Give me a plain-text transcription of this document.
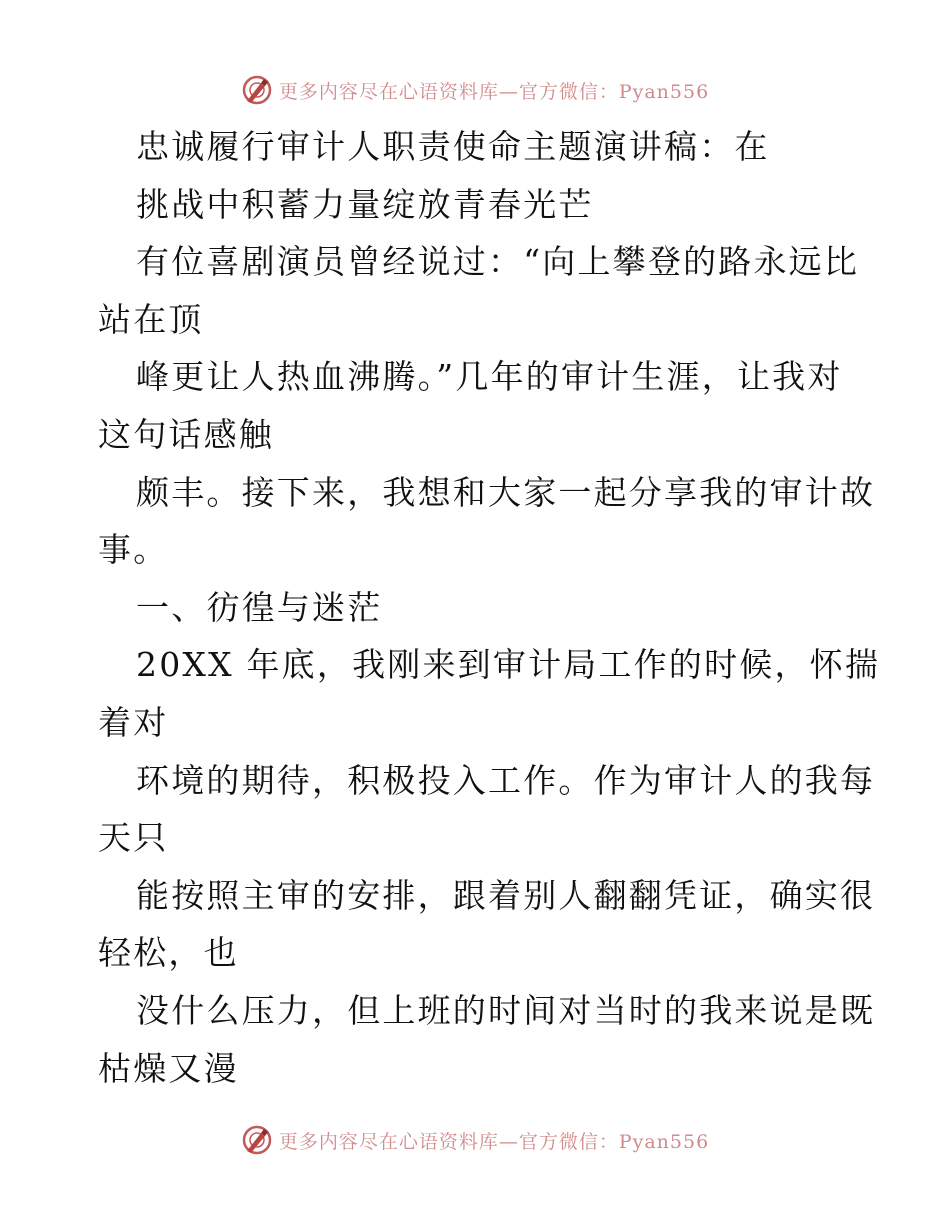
更多内容尽在心语资料库—官方微信：Pyan556
忠诚履行审计人职责使命主题演讲稿：在
挑战中积蓄力量绽放青春光芒
有位喜剧演员曾经说过：“向上攀登的路永远比
站在顶
峰更让人热血沸腾。”几年的审计生涯，让我对
这句话感触
颇丰。接下来，我想和大家一起分享我的审计故
事。
一、彷徨与迷茫
20XX 年底，我刚来到审计局工作的时候，怀揣
着对
环境的期待，积极投入工作。作为审计人的我每
天只
能按照主审的安排，跟着别人翻翻凭证，确实很
轻松，也
没什么压力，但上班的时间对当时的我来说是既
枯燥又漫
更多内容尽在心语资料库—官方微信：Pyan556
